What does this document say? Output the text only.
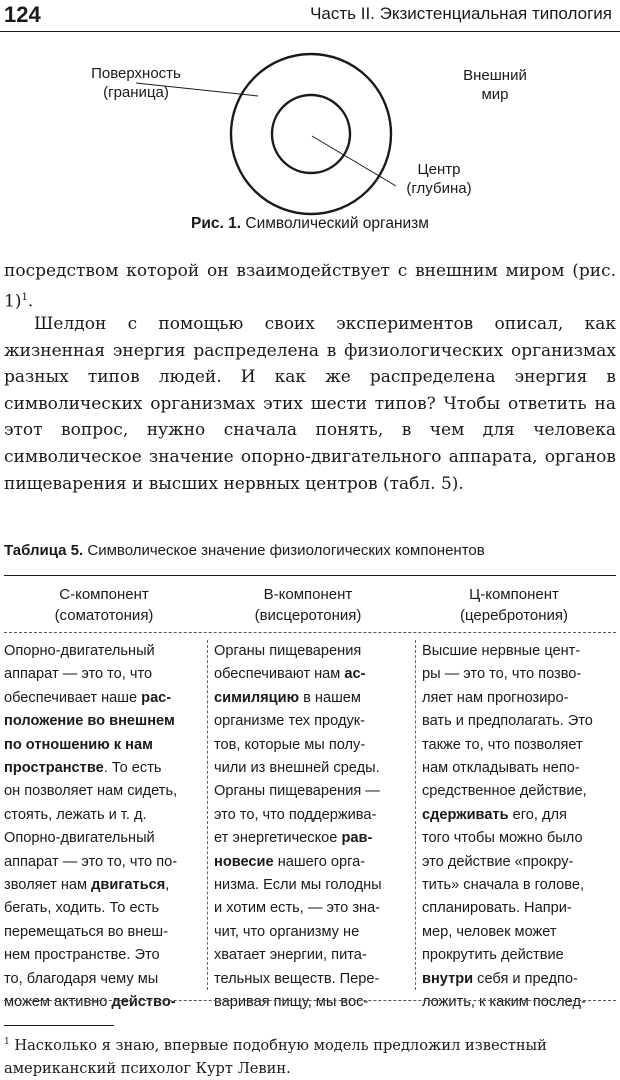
124	Часть II. Экзистенциальная типология
Поверхность
(граница)
Внешний
мир
Центр
(глубина)
Рис. 1. Символический организм
посредством которой он взаимодействует с внешним миром (рис. 1)$^1$.
Шелдон с помощью своих экспериментов описал, как жизненная энергия распределена в физиологических организмах разных типов людей. И как же распределена энергия в символических организмах этих шести типов? Чтобы ответить на этот вопрос, нужно сначала понять, в чем для человека символическое значение опорно-двигательного аппарата, органов пищеварения и высших нервных центров (табл. 5).
Таблица 5. Символическое значение физиологических компонентов
С-компонент
(соматотония)
В-компонент
(висцеротония)
Ц-компонент
(церебротония)
Опорно-двигательный
аппарат — это то, что
обеспечивает наше рас-
положение во внешнем
по отношению к нам
пространстве. То есть
он позволяет нам сидеть,
стоять, лежать и т. д.
Опорно-двигательный
аппарат — это то, что по-
зволяет нам двигаться,
бегать, ходить. То есть
перемещаться во внеш-
нем пространстве. Это
то, благодаря чему мы
можем активно действо-
Органы пищеварения
обеспечивают нам ас-
симиляцию в нашем
организме тех продук-
тов, которые мы полу-
чили из внешней среды.
Органы пищеварения —
это то, что поддержива-
ет энергетическое рав-
новесие нашего орга-
низма. Если мы голодны
и хотим есть, — это зна-
чит, что организму не
хватает энергии, пита-
тельных веществ. Пере-
варивая пищу, мы вос-
Высшие нервные цент-
ры — это то, что позво-
ляет нам прогнозиро-
вать и предполагать. Это
также то, что позволяет
нам откладывать непо-
средственное действие,
сдерживать его, для
того чтобы можно было
это действие «прокру-
тить» сначала в голове,
спланировать. Напри-
мер, человек может
прокрутить действие
внутри себя и предпо-
ложить, к каким послед-
$^1$ Насколько я знаю, впервые подобную модель предложил известный американский психолог Курт Левин.
